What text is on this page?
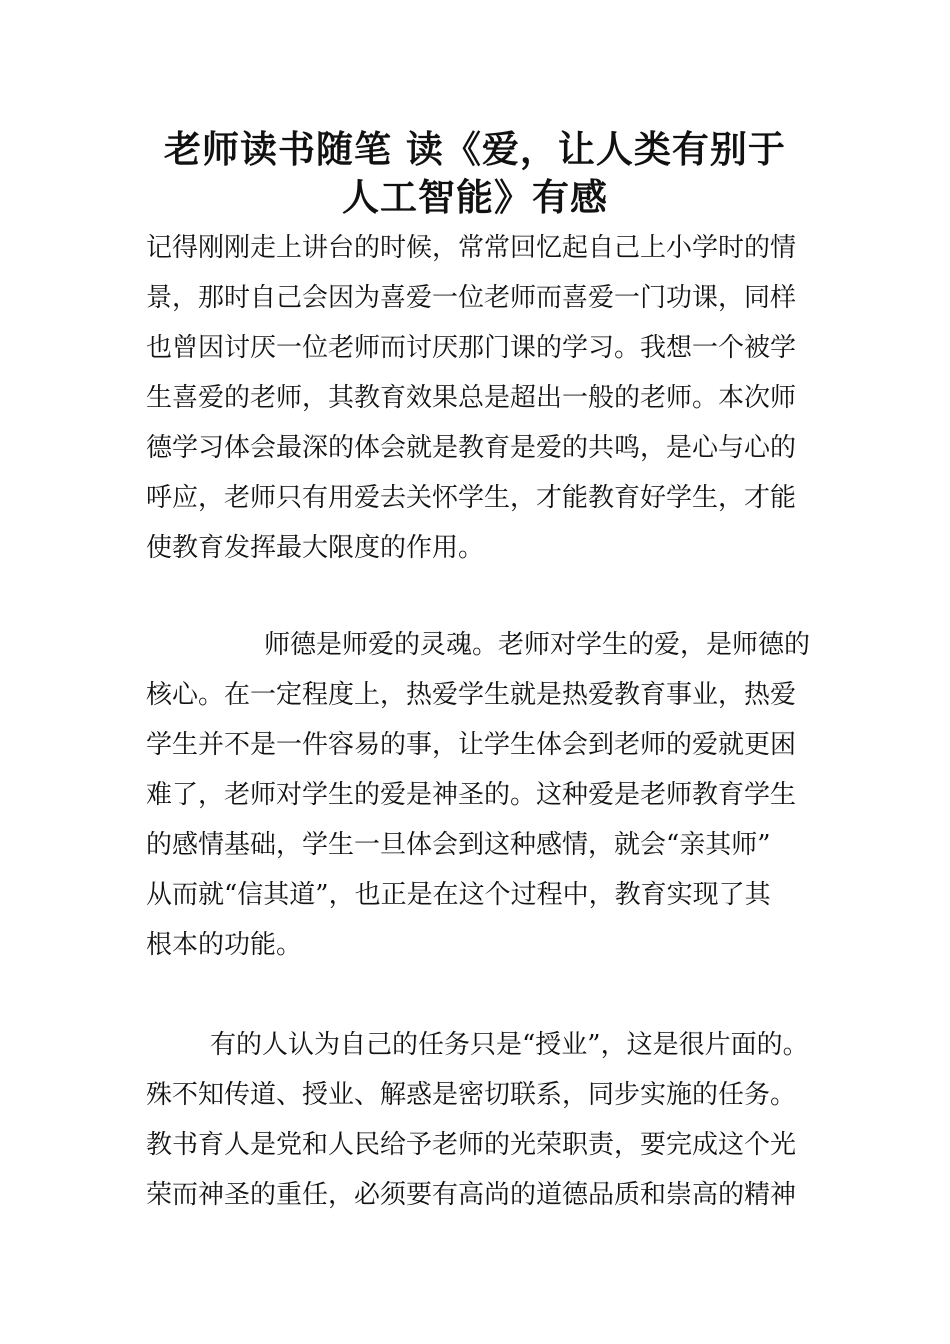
老师读书随笔 读《爱，让人类有别于
人工智能》有感
记得刚刚走上讲台的时候，常常回忆起自己上小学时的情
景，那时自己会因为喜爱一位老师而喜爱一门功课，同样
也曾因讨厌一位老师而讨厌那门课的学习。我想一个被学
生喜爱的老师，其教育效果总是超出一般的老师。本次师
德学习体会最深的体会就是教育是爱的共鸣，是心与心的
呼应，老师只有用爱去关怀学生，才能教育好学生，才能
使教育发挥最大限度的作用。
师德是师爱的灵魂。老师对学生的爱，是师德的
核心。在一定程度上，热爱学生就是热爱教育事业，热爱
学生并不是一件容易的事，让学生体会到老师的爱就更困
难了，老师对学生的爱是神圣的。这种爱是老师教育学生
的感情基础，学生一旦体会到这种感情，就会“亲其师”
从而就“信其道”，也正是在这个过程中，教育实现了其
根本的功能。
有的人认为自己的任务只是“授业”，这是很片面的。
殊不知传道、授业、解惑是密切联系，同步实施的任务。
教书育人是党和人民给予老师的光荣职责，要完成这个光
荣而神圣的重任，必须要有高尚的道德品质和崇高的精神
